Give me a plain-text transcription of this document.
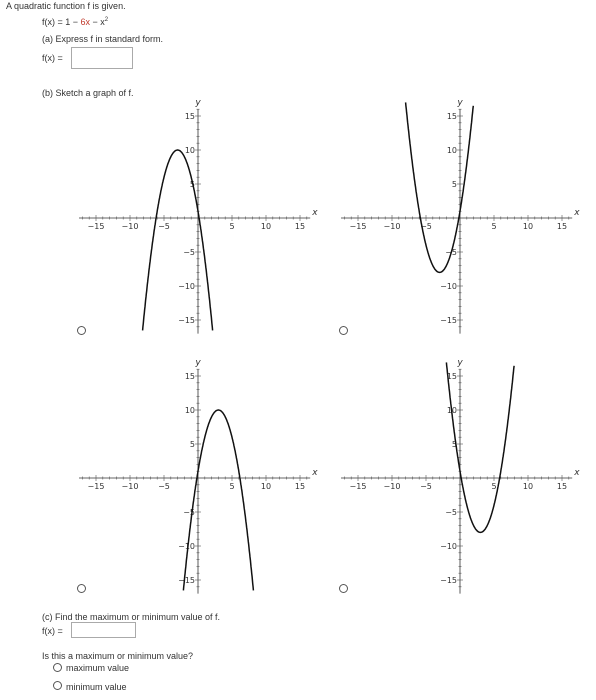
A quadratic function f is given.
$f(x) = 1 - 6x - x^2$
(a) Express f in standard form.
f(x) =
(b) Sketch a graph of f.
−15 −10 −5	5	10	15
15
10
5
−5
−10
−15
x
y
−15 −10 −5	5	10	15
15
10
5
−5
−10
−15
x
y
−15 −10 −5	5	10	15
15
10
5
−5
−10
−15
x
y
−15 −10 −5	5	10	15
15
10
5
−5
−10
−15
x
y
(c) Find the maximum or minimum value of f.
f(x) =
Is this a maximum or minimum value?
maximum value
minimum value
